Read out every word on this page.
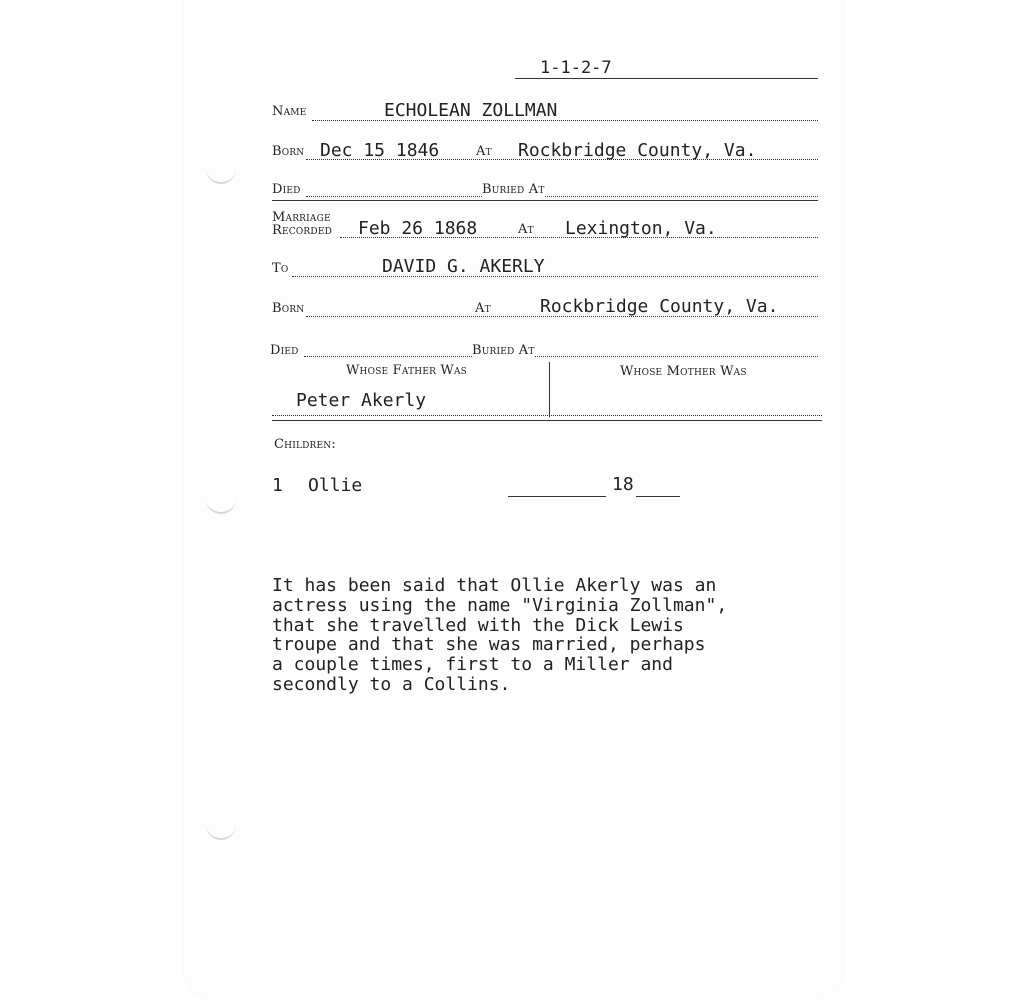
1-1-2-7
Name	ECHOLEAN ZOLLMAN
Born Dec 15 1846	At Rockbridge County, Va.
Died	Buried At
Marriage
Recorded Feb 26 1868	At Lexington, Va.
To	DAVID G. AKERLY
Born	At	Rockbridge County, Va.
Died	Buried At
Whose Father Was	Whose Mother Was
Peter Akerly
Children:
1 Ollie	18
It has been said that Ollie Akerly was an
actress using the name "Virginia Zollman",
that she travelled with the Dick Lewis
troupe and that she was married, perhaps
a couple times, first to a Miller and
secondly to a Collins.
